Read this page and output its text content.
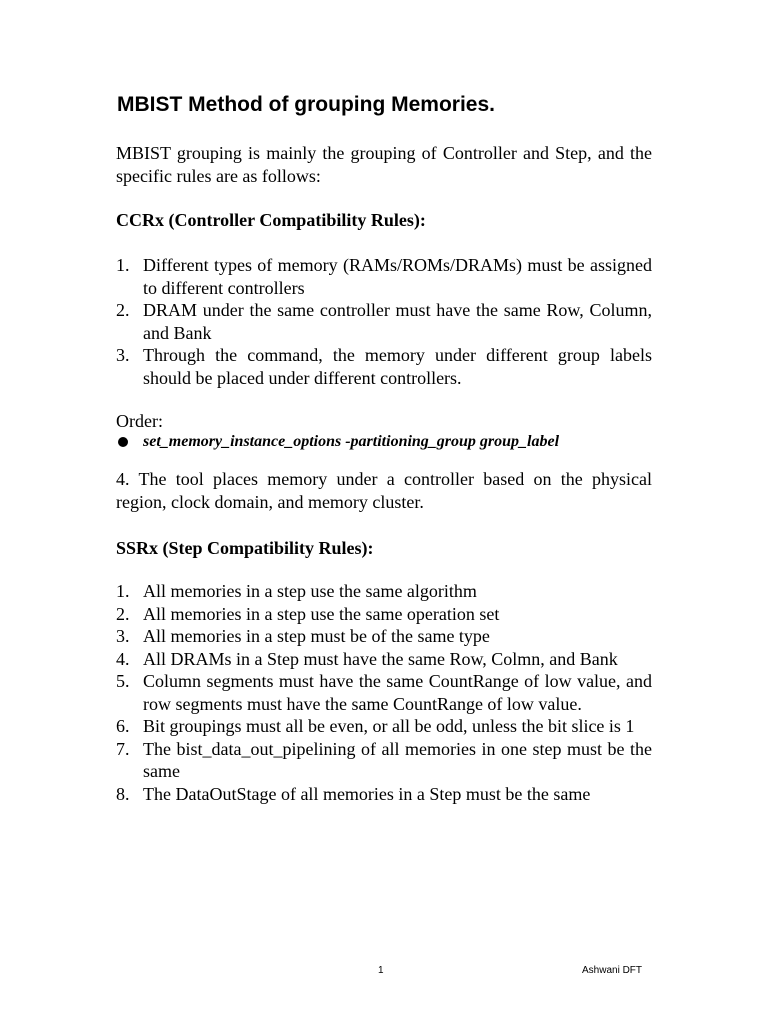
MBIST Method of grouping Memories.

MBIST grouping is mainly the grouping of Controller and Step, and the specific rules are as follows:

CCRx (Controller Compatibility Rules):

1. Different types of memory (RAMs/ROMs/DRAMs) must be assigned to different controllers
2. DRAM under the same controller must have the same Row, Column, and Bank
3. Through the command, the memory under different group labels should be placed under different controllers.

Order:

set_memory_instance_options -partitioning_group group_label

4. The tool places memory under a controller based on the physical region, clock domain, and memory cluster.

SSRx (Step Compatibility Rules):

1. All memories in a step use the same algorithm
2. All memories in a step use the same operation set
3. All memories in a step must be of the same type
4. All DRAMs in a Step must have the same Row, Colmn, and Bank
5. Column segments must have the same CountRange of low value, and row segments must have the same CountRange of low value.
6. Bit groupings must all be even, or all be odd, unless the bit slice is 1
7. The bist_data_out_pipelining of all memories in one step must be the same
8. The DataOutStage of all memories in a Step must be the same
1	Ashwani DFT
